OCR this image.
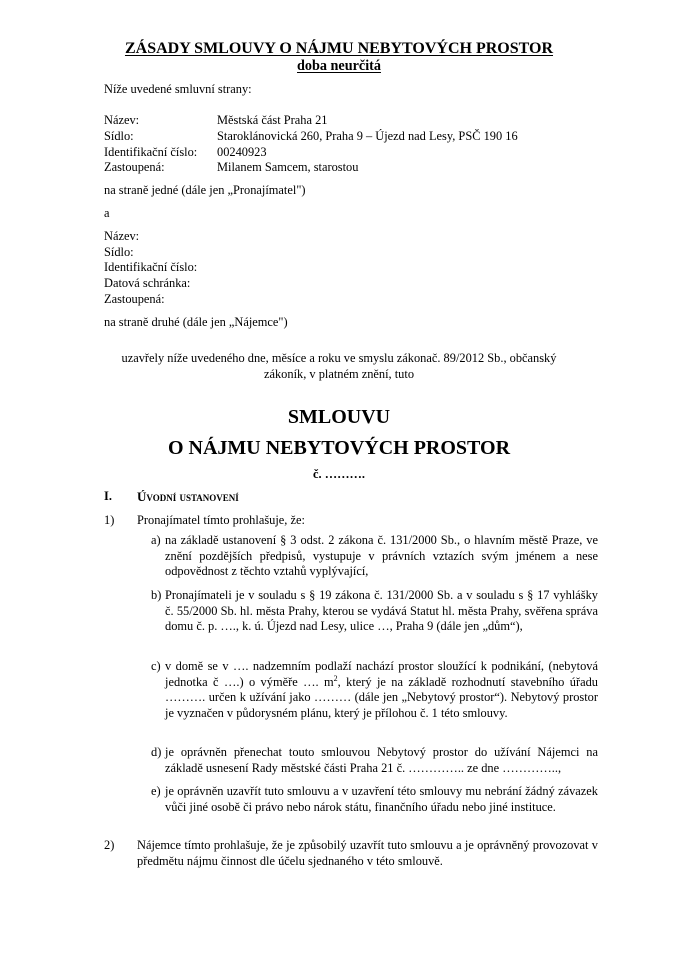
ZÁSADY SMLOUVY O NÁJMU NEBYTOVÝCH PROSTOR
doba neurčitá
Níže uvedené smluvní strany:
Název:	Městská část Praha 21
Sídlo:	Staroklánovická 260, Praha 9 – Újezd nad Lesy, PSČ 190 16
Identifikační číslo: 00240923
Zastoupená:	Milanem Samcem, starostou
na straně jedné (dále jen „Pronajímatel")
a
Název:
Sídlo:
Identifikační číslo:
Datová schránka:
Zastoupená:
na straně druhé (dále jen „Nájemce")
uzavřely níže uvedeného dne, měsíce a roku ve smyslu zákonač. 89/2012 Sb., občanský
zákoník, v platném znění, tuto
SMLOUVU
O NÁJMU NEBYTOVÝCH PROSTOR
č. ……….
I. Úvodní ustanovení
1) Pronajímatel tímto prohlašuje, že:
a) na základě ustanovení § 3 odst. 2 zákona č. 131/2000 Sb., o hlavním městě Praze, ve znění pozdějších předpisů, vystupuje v právních vztazích svým jménem a nese odpovědnost z těchto vztahů vyplývající,
b) Pronajímateli je v souladu s § 19 zákona č. 131/2000 Sb. a v souladu s § 17 vyhlášky č. 55/2000 Sb. hl. města Prahy, kterou se vydává Statut hl. města Prahy, svěřena správa domu č. p. …., k. ú. Újezd nad Lesy, ulice …, Praha 9 (dále jen „dům“),
c) v domě se v …. nadzemním podlaží nachází prostor sloužící k podnikání, (nebytová jednotka č ….) o výměře …. $m^2$, který je na základě rozhodnutí stavebního úřadu ………. určen k užívání jako ……… (dále jen „Nebytový prostor“). Nebytový prostor je vyznačen v půdorysném plánu, který je přílohou č. 1 této smlouvy.
d) je oprávněn přenechat touto smlouvou Nebytový prostor do užívání Nájemci na základě usnesení Rady městské části Praha 21 č. ………….. ze dne …………..,
e) je oprávněn uzavřít tuto smlouvu a v uzavření této smlouvy mu nebrání žádný závazek vůči jiné osobě či právo nebo nárok státu, finančního úřadu nebo jiné instituce.
2) Nájemce tímto prohlašuje, že je způsobilý uzavřít tuto smlouvu a je oprávněný provozovat v předmětu nájmu činnost dle účelu sjednaného v této smlouvě.
